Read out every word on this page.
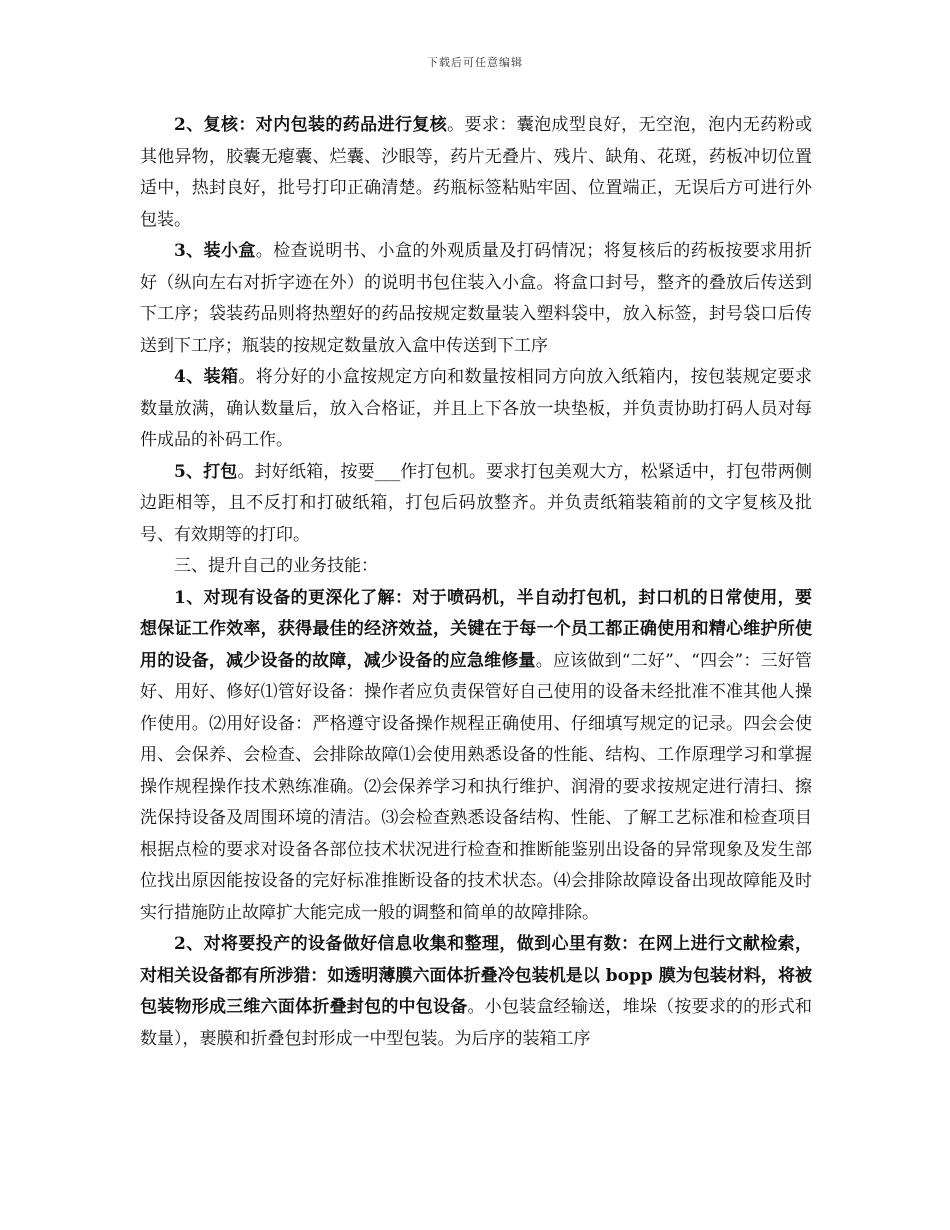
下载后可任意编辑

2、复核：对内包装的药品进行复核。要求：囊泡成型良好，无空泡，泡内无药粉或其他异物，胶囊无瘪囊、烂囊、沙眼等，药片无叠片、残片、缺角、花斑，药板冲切位置适中，热封良好，批号打印正确清楚。药瓶标签粘贴牢固、位置端正，无误后方可进行外包装。

3、装小盒。检查说明书、小盒的外观质量及打码情况；将复核后的药板按要求用折好（纵向左右对折字迹在外）的说明书包住装入小盒。将盒口封号，整齐的叠放后传送到下工序；袋装药品则将热塑好的药品按规定数量装入塑料袋中，放入标签，封号袋口后传送到下工序；瓶装的按规定数量放入盒中传送到下工序

4、装箱。将分好的小盒按规定方向和数量按相同方向放入纸箱内，按包装规定要求数量放满，确认数量后，放入合格证，并且上下各放一块垫板，并负责协助打码人员对每件成品的补码工作。

5、打包。封好纸箱，按要___作打包机。要求打包美观大方，松紧适中，打包带两侧边距相等，且不反打和打破纸箱，打包后码放整齐。并负责纸箱装箱前的文字复核及批号、有效期等的打印。

三、提升自己的业务技能：

1、对现有设备的更深化了解：对于喷码机，半自动打包机，封口机的日常使用，要想保证工作效率，获得最佳的经济效益，关键在于每一个员工都正确使用和精心维护所使用的设备，减少设备的故障，减少设备的应急维修量。应该做到“二好”、“四会”：三好管好、用好、修好⑴管好设备：操作者应负责保管好自己使用的设备未经批准不准其他人操作使用。⑵用好设备：严格遵守设备操作规程正确使用、仔细填写规定的记录。四会会使用、会保养、会检查、会排除故障⑴会使用熟悉设备的性能、结构、工作原理学习和掌握操作规程操作技术熟练准确。⑵会保养学习和执行维护、润滑的要求按规定进行清扫、擦洗保持设备及周围环境的清洁。⑶会检查熟悉设备结构、性能、了解工艺标准和检查项目根据点检的要求对设备各部位技术状况进行检查和推断能鉴别出设备的异常现象及发生部位找出原因能按设备的完好标准推断设备的技术状态。⑷会排除故障设备出现故障能及时实行措施防止故障扩大能完成一般的调整和简单的故障排除。

2、对将要投产的设备做好信息收集和整理，做到心里有数：在网上进行文献检索，对相关设备都有所涉猎：如透明薄膜六面体折叠冷包装机是以 bopp 膜为包装材料，将被包装物形成三维六面体折叠封包的中包设备。小包装盒经输送，堆垛（按要求的的形式和数量），裹膜和折叠包封形成一中型包装。为后序的装箱工序
